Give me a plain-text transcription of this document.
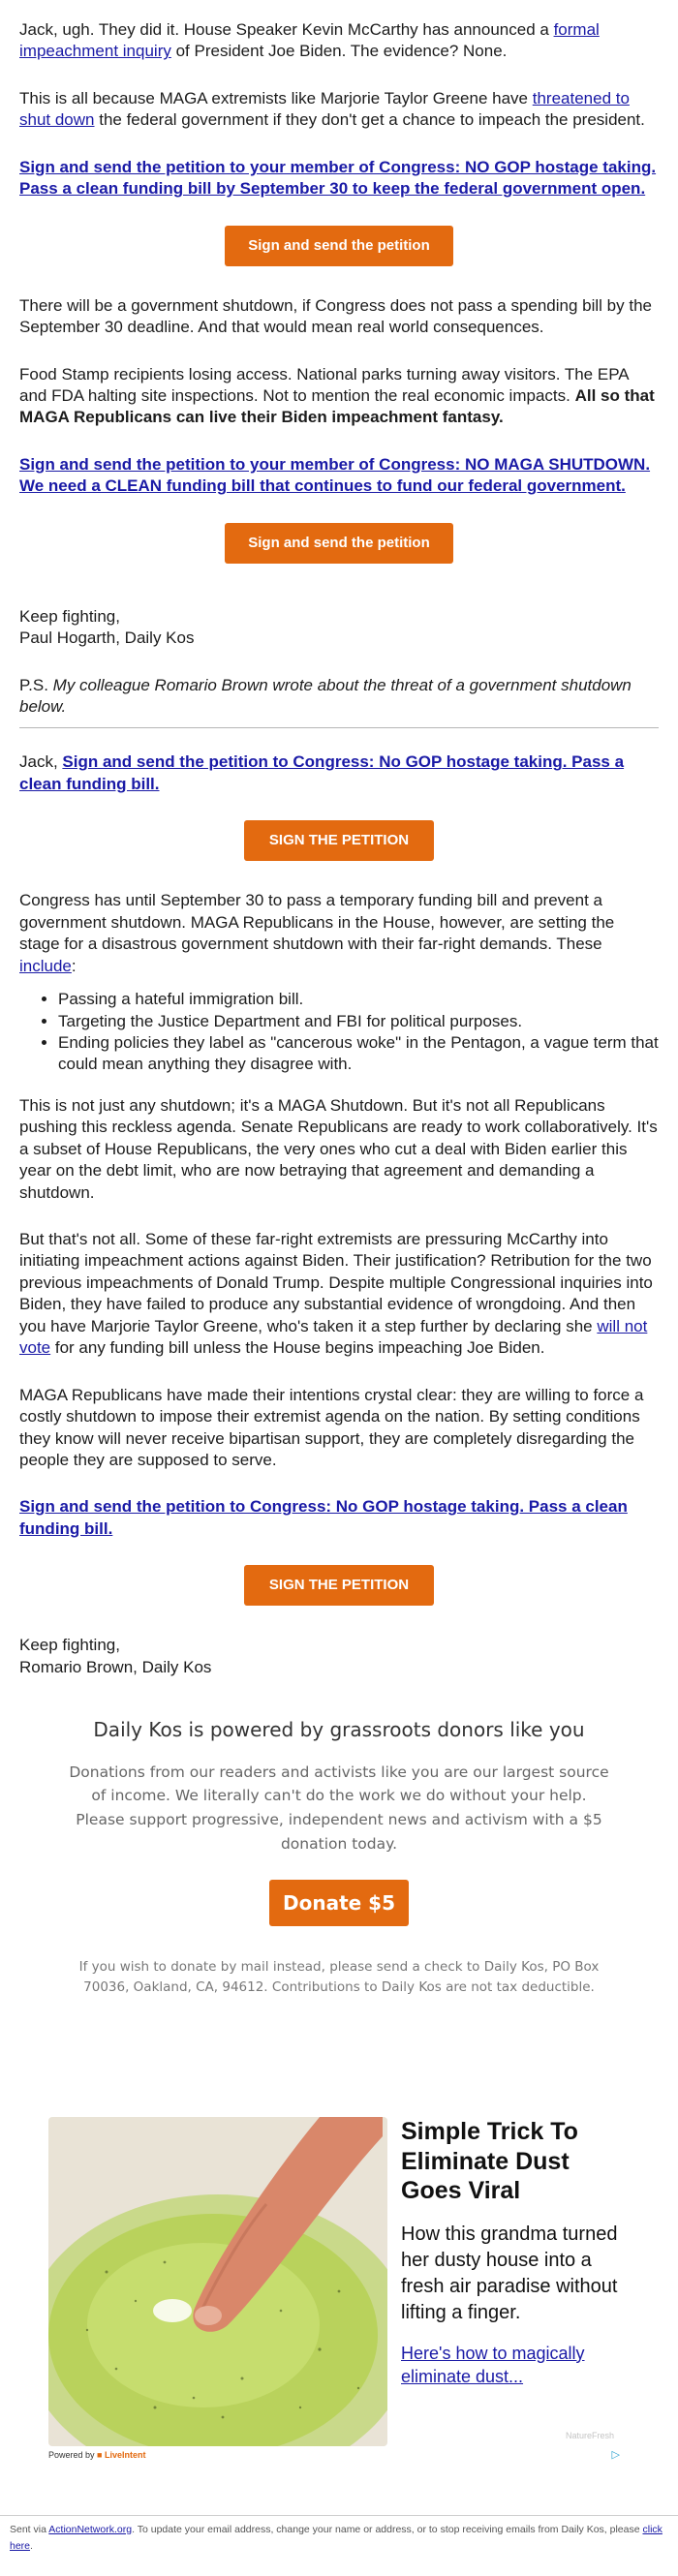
Jack, ugh. They did it. House Speaker Kevin McCarthy has announced a formal impeachment inquiry of President Joe Biden. The evidence? None.

This is all because MAGA extremists like Marjorie Taylor Greene have threatened to shut down the federal government if they don't get a chance to impeach the president.

Sign and send the petition to your member of Congress: NO GOP hostage taking. Pass a clean funding bill by September 30 to keep the federal government open.

Sign and send the petition

There will be a government shutdown, if Congress does not pass a spending bill by the September 30 deadline. And that would mean real world consequences.

Food Stamp recipients losing access. National parks turning away visitors. The EPA and FDA halting site inspections. Not to mention the real economic impacts. All so that MAGA Republicans can live their Biden impeachment fantasy.

Sign and send the petition to your member of Congress: NO MAGA SHUTDOWN. We need a CLEAN funding bill that continues to fund our federal government.

Sign and send the petition

Keep fighting,
Paul Hogarth, Daily Kos

P.S. My colleague Romario Brown wrote about the threat of a government shutdown below.

Jack, Sign and send the petition to Congress: No GOP hostage taking. Pass a clean funding bill.

SIGN THE PETITION

Congress has until September 30 to pass a temporary funding bill and prevent a government shutdown. MAGA Republicans in the House, however, are setting the stage for a disastrous government shutdown with their far-right demands. These include:

• Passing a hateful immigration bill.
• Targeting the Justice Department and FBI for political purposes.
• Ending policies they label as "cancerous woke" in the Pentagon, a vague term that could mean anything they disagree with.

This is not just any shutdown; it's a MAGA Shutdown. But it's not all Republicans pushing this reckless agenda. Senate Republicans are ready to work collaboratively. It's a subset of House Republicans, the very ones who cut a deal with Biden earlier this year on the debt limit, who are now betraying that agreement and demanding a shutdown.

But that's not all. Some of these far-right extremists are pressuring McCarthy into initiating impeachment actions against Biden. Their justification? Retribution for the two previous impeachments of Donald Trump. Despite multiple Congressional inquiries into Biden, they have failed to produce any substantial evidence of wrongdoing. And then you have Marjorie Taylor Greene, who's taken it a step further by declaring she will not vote for any funding bill unless the House begins impeaching Joe Biden.

MAGA Republicans have made their intentions crystal clear: they are willing to force a costly shutdown to impose their extremist agenda on the nation. By setting conditions they know will never receive bipartisan support, they are completely disregarding the people they are supposed to serve.

Sign and send the petition to Congress: No GOP hostage taking. Pass a clean funding bill.

SIGN THE PETITION

Keep fighting,
Romario Brown, Daily Kos

Daily Kos is powered by grassroots donors like you
Donations from our readers and activists like you are our largest source of income. We literally can't do the work we do without your help. Please support progressive, independent news and activism with a $5 donation today.
Donate $5
If you wish to donate by mail instead, please send a check to Daily Kos, PO Box 70036, Oakland, CA, 94612. Contributions to Daily Kos are not tax deductible.
Simple Trick To Eliminate Dust Goes Viral
How this grandma turned her dusty house into a fresh air paradise without lifting a finger.
Here's how to magically eliminate dust...
Powered by ■ LiveIntent
NatureFresh
▷
Sent via ActionNetwork.org. To update your email address, change your name or address, or to stop receiving emails from Daily Kos, please click here.
